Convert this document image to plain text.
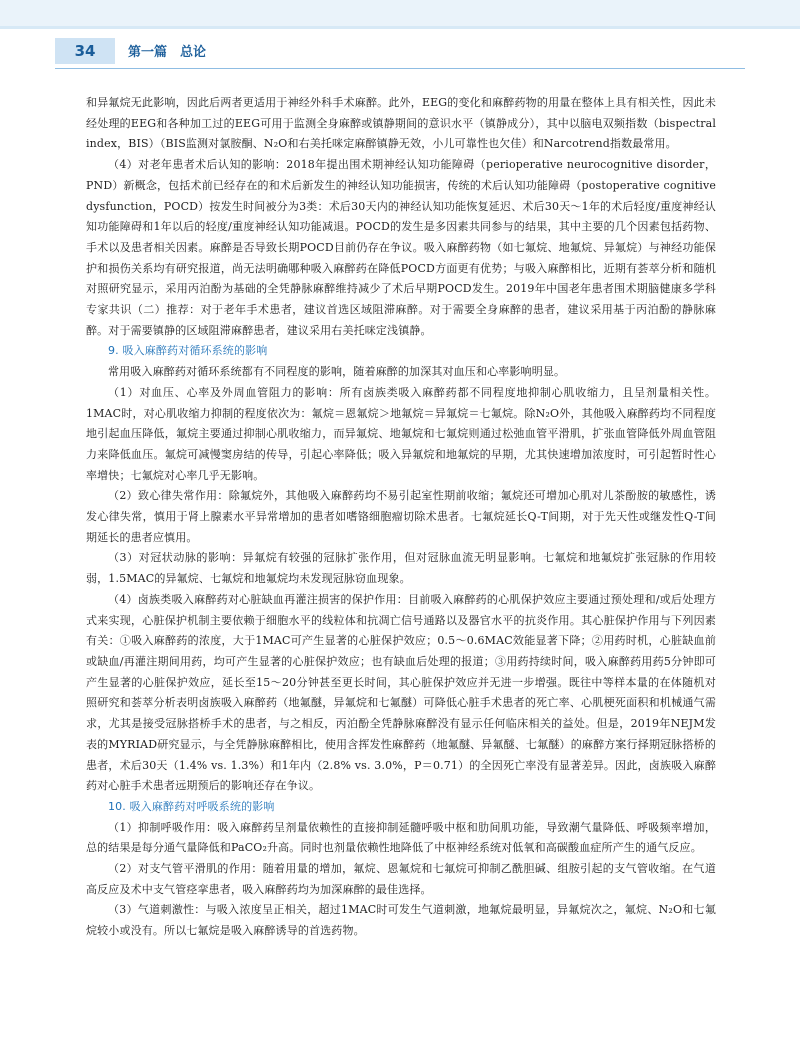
34	第一篇　总论

和异氟烷无此影响，因此后两者更适用于神经外科手术麻醉。此外，EEG的变化和麻醉药物的用量在整体上具有相关性，因此未经处理的EEG和各种加工过的EEG可用于监测全身麻醉或镇静期间的意识水平（镇静成分），其中以脑电双频指数（bispectral index，BIS）（BIS监测对氯胺酮、N₂O和右美托咪定麻醉镇静无效，小儿可靠性也欠佳）和Narcotrend指数最常用。

（4）对老年患者术后认知的影响：2018年提出围术期神经认知功能障碍（perioperative neurocognitive disorder，PND）新概念，包括术前已经存在的和术后新发生的神经认知功能损害，传统的术后认知功能障碍（postoperative cognitive dysfunction，POCD）按发生时间被分为3类：术后30天内的神经认知功能恢复延迟、术后30天～1年的术后轻度/重度神经认知功能障碍和1年以后的轻度/重度神经认知功能减退。POCD的发生是多因素共同参与的结果，其中主要的几个因素包括药物、手术以及患者相关因素。麻醉是否导致长期POCD目前仍存在争议。吸入麻醉药物（如七氟烷、地氟烷、异氟烷）与神经功能保护和损伤关系均有研究报道，尚无法明确哪种吸入麻醉药在降低POCD方面更有优势；与吸入麻醉相比，近期有荟萃分析和随机对照研究显示，采用丙泊酚为基础的全凭静脉麻醉维持减少了术后早期POCD发生。2019年中国老年患者围术期脑健康多学科专家共识（二）推荐：对于老年手术患者，建议首选区域阻滞麻醉。对于需要全身麻醉的患者，建议采用基于丙泊酚的静脉麻醉。对于需要镇静的区域阻滞麻醉患者，建议采用右美托咪定浅镇静。

9. 吸入麻醉药对循环系统的影响

常用吸入麻醉药对循环系统都有不同程度的影响，随着麻醉的加深其对血压和心率影响明显。

（1）对血压、心率及外周血管阻力的影响：所有卤族类吸入麻醉药都不同程度地抑制心肌收缩力，且呈剂量相关性。1MAC时，对心肌收缩力抑制的程度依次为：氟烷＝恩氟烷＞地氟烷＝异氟烷＝七氟烷。除N₂O外，其他吸入麻醉药均不同程度地引起血压降低，氟烷主要通过抑制心肌收缩力，而异氟烷、地氟烷和七氟烷则通过松弛血管平滑肌，扩张血管降低外周血管阻力来降低血压。氟烷可减慢窦房结的传导，引起心率降低；吸入异氟烷和地氟烷的早期，尤其快速增加浓度时，可引起暂时性心率增快；七氟烷对心率几乎无影响。

（2）致心律失常作用：除氟烷外，其他吸入麻醉药均不易引起室性期前收缩；氟烷还可增加心肌对儿茶酚胺的敏感性，诱发心律失常，慎用于肾上腺素水平异常增加的患者如嗜铬细胞瘤切除术患者。七氟烷延长Q-T间期，对于先天性或继发性Q-T间期延长的患者应慎用。

（3）对冠状动脉的影响：异氟烷有较强的冠脉扩张作用，但对冠脉血流无明显影响。七氟烷和地氟烷扩张冠脉的作用较弱，1.5MAC的异氟烷、七氟烷和地氟烷均未发现冠脉窃血现象。

（4）卤族类吸入麻醉药对心脏缺血再灌注损害的保护作用：目前吸入麻醉药的心肌保护效应主要通过预处理和/或后处理方式来实现，心脏保护机制主要依赖于细胞水平的线粒体和抗凋亡信号通路以及器官水平的抗炎作用。其心脏保护作用与下列因素有关：①吸入麻醉药的浓度，大于1MAC可产生显著的心脏保护效应；0.5～0.6MAC效能显著下降；②用药时机，心脏缺血前或缺血/再灌注期间用药，均可产生显著的心脏保护效应；也有缺血后处理的报道；③用药持续时间，吸入麻醉药用药5分钟即可产生显著的心脏保护效应，延长至15～20分钟甚至更长时间，其心脏保护效应并无进一步增强。既往中等样本量的在体随机对照研究和荟萃分析表明卤族吸入麻醉药（地氟醚，异氟烷和七氟醚）可降低心脏手术患者的死亡率、心肌梗死面积和机械通气需求，尤其是接受冠脉搭桥手术的患者，与之相反，丙泊酚全凭静脉麻醉没有显示任何临床相关的益处。但是，2019年NEJM发表的MYRIAD研究显示，与全凭静脉麻醉相比，使用含挥发性麻醉药（地氟醚、异氟醚、七氟醚）的麻醉方案行择期冠脉搭桥的患者，术后30天（1.4% vs. 1.3%）和1年内（2.8% vs. 3.0%，P＝0.71）的全因死亡率没有显著差异。因此，卤族吸入麻醉药对心脏手术患者远期预后的影响还存在争议。

10. 吸入麻醉药对呼吸系统的影响

（1）抑制呼吸作用：吸入麻醉药呈剂量依赖性的直接抑制延髓呼吸中枢和肋间肌功能，导致潮气量降低、呼吸频率增加，总的结果是每分通气量降低和PaCO₂升高。同时也剂量依赖性地降低了中枢神经系统对低氧和高碳酸血症所产生的通气反应。

（2）对支气管平滑肌的作用：随着用量的增加，氟烷、恩氟烷和七氟烷可抑制乙酰胆碱、组胺引起的支气管收缩。在气道高反应及术中支气管痉挛患者，吸入麻醉药均为加深麻醉的最佳选择。

（3）气道刺激性：与吸入浓度呈正相关，超过1MAC时可发生气道刺激，地氟烷最明显，异氟烷次之，氟烷、N₂O和七氟烷较小或没有。所以七氟烷是吸入麻醉诱导的首选药物。
